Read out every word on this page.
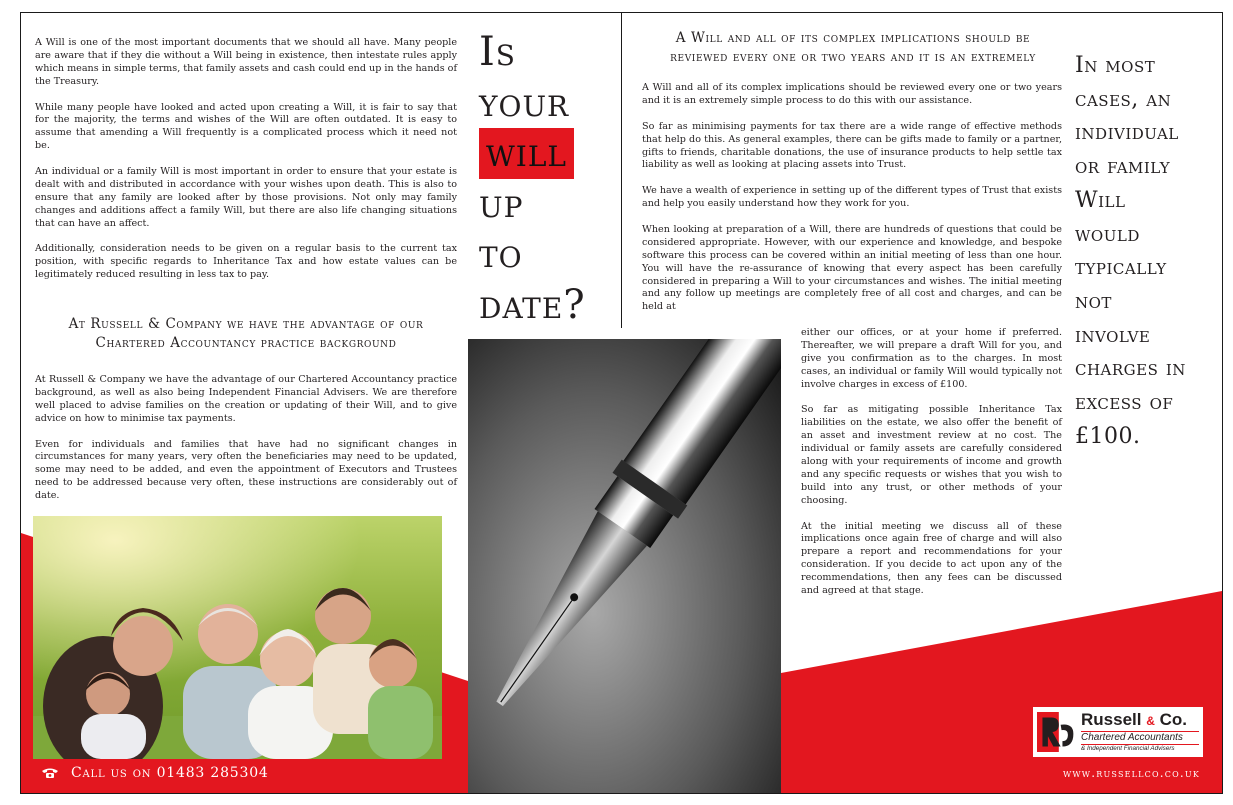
A Will is one of the most important documents that we should all have. Many people are aware that if they die without a Will being in existence, then intestate rules apply which means in simple terms, that family assets and cash could end up in the hands of the Treasury.

While many people have looked and acted upon creating a Will, it is fair to say that for the majority, the terms and wishes of the Will are often outdated. It is easy to assume that amending a Will frequently is a complicated process which it need not be.

An individual or a family Will is most important in order to ensure that your estate is dealt with and distributed in accordance with your wishes upon death. This is also to ensure that any family are looked after by those provisions. Not only may family changes and additions affect a family Will, but there are also life changing situations that can have an affect.

Additionally, consideration needs to be given on a regular basis to the current tax position, with specific regards to Inheritance Tax and how estate values can be legitimately reduced resulting in less tax to pay.

At Russell & Company we have the advantage of our
Chartered Accountancy practice background

At Russell & Company we have the advantage of our Chartered Accountancy practice background, as well as also being Independent Financial Advisers. We are therefore well placed to advise families on the creation or updating of their Will, and to give advice on how to minimise tax payments.

Even for individuals and families that have had no significant changes in circumstances for many years, very often the beneficiaries may need to be updated, some may need to be added, and even the appointment of Executors and Trustees need to be addressed because very often, these instructions are considerably out of date.

Is
your
will
up
to
date?
A Will and all of its complex implications should be
reviewed every one or two years and it is an extremely

A Will and all of its complex implications should be reviewed every one or two years and it is an extremely simple process to do this with our assistance.

So far as minimising payments for tax there are a wide range of effective methods that help do this. As general examples, there can be gifts made to family or a partner, gifts to friends, charitable donations, the use of insurance products to help settle tax liability as well as looking at placing assets into Trust.

We have a wealth of experience in setting up of the different types of Trust that exists and help you easily understand how they work for you.

When looking at preparation of a Will, there are hundreds of questions that could be considered appropriate. However, with our experience and knowledge, and bespoke software this process can be covered within an initial meeting of less than one hour. You will have the re-assurance of knowing that every aspect has been carefully considered in preparing a Will to your circumstances and wishes. The initial meeting and any follow up meetings are completely free of all cost and charges, and can be held at

either our offices, or at your home if preferred. Thereafter, we will prepare a draft Will for you, and give you confirmation as to the charges. In most cases, an individual or family Will would typically not involve charges in excess of £100.

So far as mitigating possible Inheritance Tax liabilities on the estate, we also offer the benefit of an asset and investment review at no cost. The individual or family assets are carefully considered along with your requirements of income and growth and any specific requests or wishes that you wish to build into any trust, or other methods of your choosing.

At the initial meeting we discuss all of these implications once again free of charge and will also prepare a report and recommendations for your consideration. If you decide to act upon any of the recommendations, then any fees can be discussed and agreed at that stage.

In most
cases, an
individual
or family
Will
would
typically
not
involve
charges in
excess of
£100.
Call us on 01483 285304	www.russellco.co.uk
Russell & Co.
Chartered Accountants
& Independent Financial Advisers
